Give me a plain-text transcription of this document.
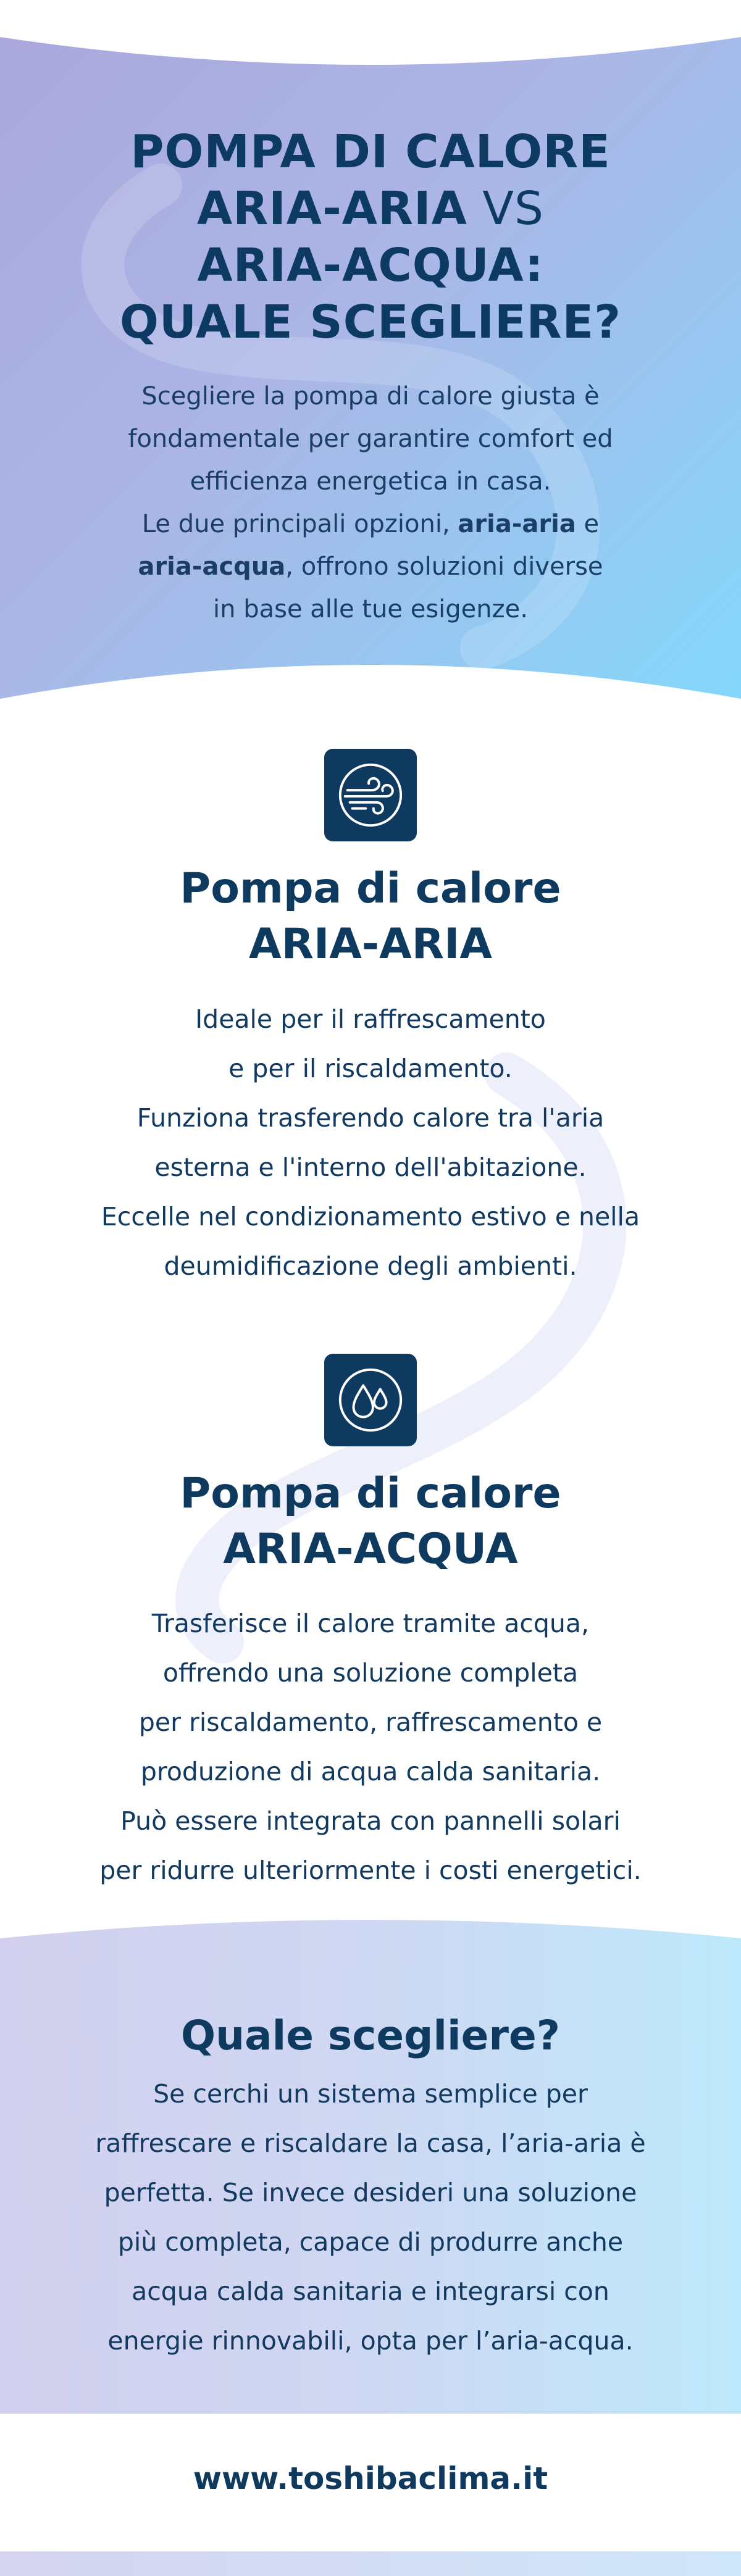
POMPA DI CALORE
ARIA-ARIA VS
ARIA-ACQUA:
QUALE SCEGLIERE?
Scegliere la pompa di calore giusta è
fondamentale per garantire comfort ed
efficienza energetica in casa.
Le due principali opzioni, aria-aria e
aria-acqua, offrono soluzioni diverse
in base alle tue esigenze.
Pompa di calore
ARIA-ARIA
Ideale per il raffrescamento
e per il riscaldamento.
Funziona trasferendo calore tra l'aria
esterna e l'interno dell'abitazione.
Eccelle nel condizionamento estivo e nella
deumidificazione degli ambienti.
Pompa di calore
ARIA-ACQUA
Trasferisce il calore tramite acqua,
offrendo una soluzione completa
per riscaldamento, raffrescamento e
produzione di acqua calda sanitaria.
Può essere integrata con pannelli solari
per ridurre ulteriormente i costi energetici.
Quale scegliere?
Se cerchi un sistema semplice per
raffrescare e riscaldare la casa, l’aria-aria è
perfetta. Se invece desideri una soluzione
più completa, capace di produrre anche
acqua calda sanitaria e integrarsi con
energie rinnovabili, opta per l’aria-acqua.
www.toshibaclima.it
